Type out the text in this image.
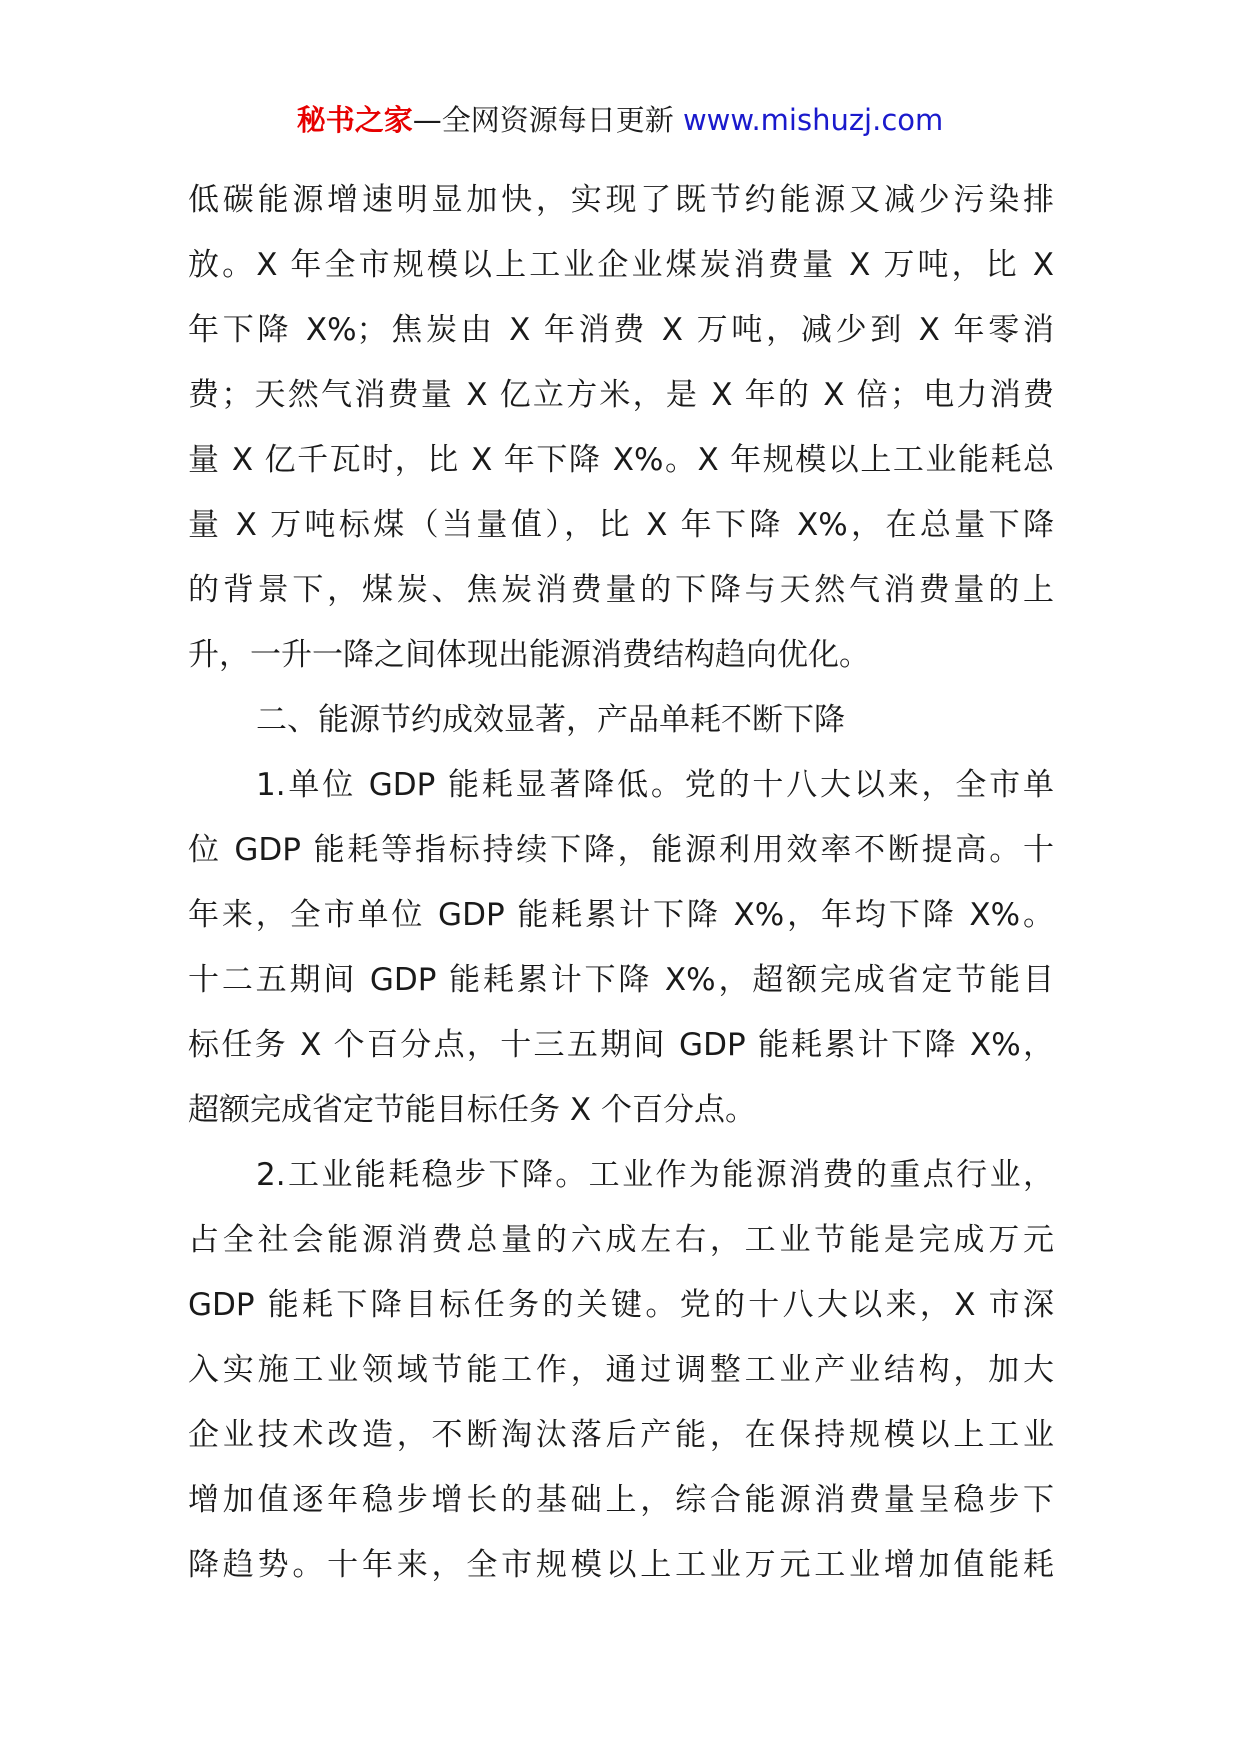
秘书之家—全网资源每日更新 www.mishuzj.com

低碳能源增速明显加快，实现了既节约能源又减少污染排
放。X 年全市规模以上工业企业煤炭消费量 X 万吨，比 X
年下降 X%；焦炭由 X 年消费 X 万吨，减少到 X 年零消
费；天然气消费量 X 亿立方米，是 X 年的 X 倍；电力消费
量 X 亿千瓦时，比 X 年下降 X%。X 年规模以上工业能耗总
量 X 万吨标煤（当量值），比 X 年下降 X%，在总量下降
的背景下，煤炭、焦炭消费量的下降与天然气消费量的上
升，一升一降之间体现出能源消费结构趋向优化。

二、能源节约成效显著，产品单耗不断下降

1.单位 GDP 能耗显著降低。党的十八大以来，全市单
位 GDP 能耗等指标持续下降，能源利用效率不断提高。十
年来，全市单位 GDP 能耗累计下降 X%，年均下降 X%。
十二五期间 GDP 能耗累计下降 X%，超额完成省定节能目
标任务 X 个百分点，十三五期间 GDP 能耗累计下降 X%，
超额完成省定节能目标任务 X 个百分点。

2.工业能耗稳步下降。工业作为能源消费的重点行业，
占全社会能源消费总量的六成左右，工业节能是完成万元
GDP 能耗下降目标任务的关键。党的十八大以来，X 市深
入实施工业领域节能工作，通过调整工业产业结构，加大
企业技术改造，不断淘汰落后产能，在保持规模以上工业
增加值逐年稳步增长的基础上，综合能源消费量呈稳步下
降趋势。十年来，全市规模以上工业万元工业增加值能耗
